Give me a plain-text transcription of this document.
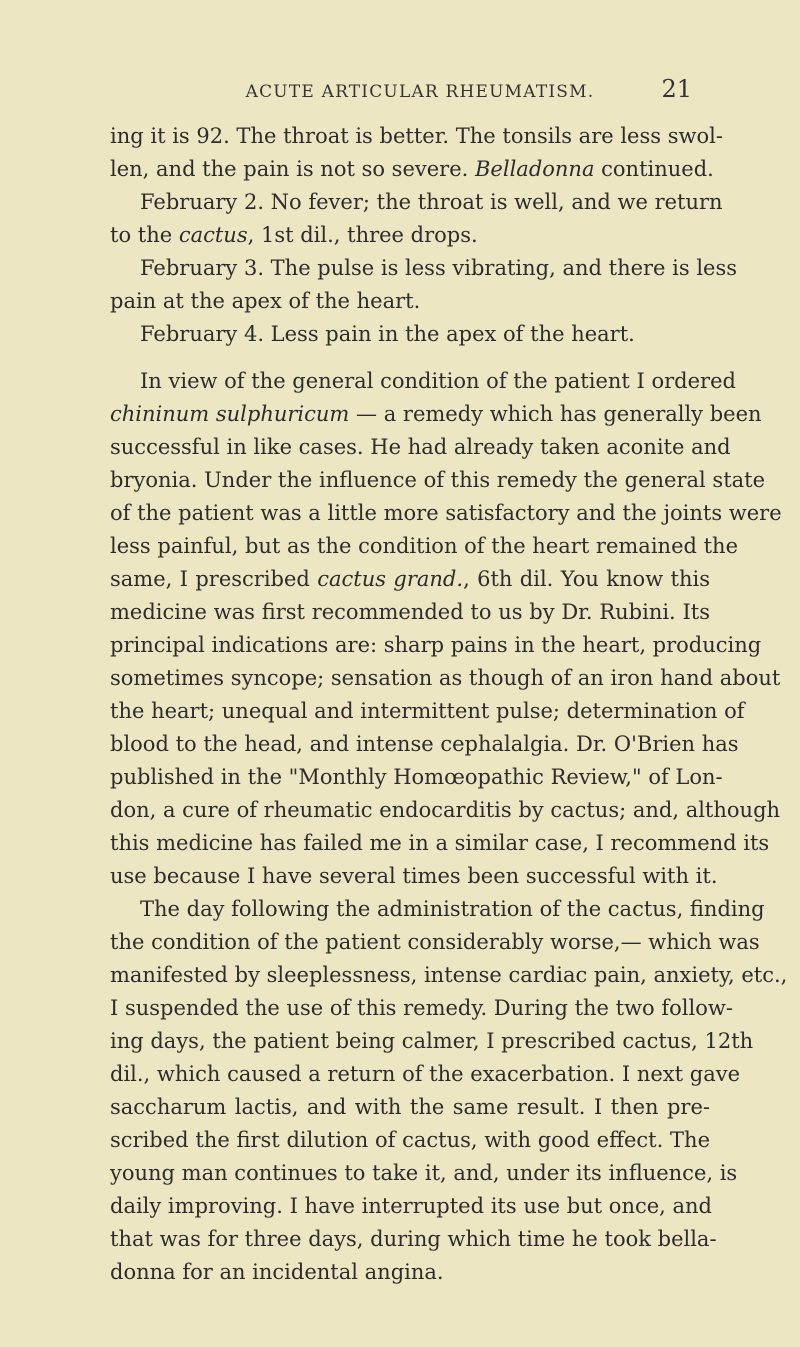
ACUTE ARTICULAR RHEUMATISM.	21
ing it is 92. The throat is better. The tonsils are less swol-
len, and the pain is not so severe. Belladonna continued.
February 2. No fever; the throat is well, and we return
to the cactus, 1st dil., three drops.
February 3. The pulse is less vibrating, and there is less
pain at the apex of the heart.
February 4. Less pain in the apex of the heart.
In view of the general condition of the patient I ordered
chininum sulphuricum — a remedy which has generally been
successful in like cases. He had already taken aconite and
bryonia. Under the influence of this remedy the general state
of the patient was a little more satisfactory and the joints were
less painful, but as the condition of the heart remained the
same, I prescribed cactus grand., 6th dil. You know this
medicine was first recommended to us by Dr. Rubini. Its
principal indications are: sharp pains in the heart, producing
sometimes syncope; sensation as though of an iron hand about
the heart; unequal and intermittent pulse; determination of
blood to the head, and intense cephalalgia. Dr. O'Brien has
published in the "Monthly Homœopathic Review," of Lon-
don, a cure of rheumatic endocarditis by cactus; and, although
this medicine has failed me in a similar case, I recommend its
use because I have several times been successful with it.
The day following the administration of the cactus, finding
the condition of the patient considerably worse,— which was
manifested by sleeplessness, intense cardiac pain, anxiety, etc.,
I suspended the use of this remedy. During the two follow-
ing days, the patient being calmer, I prescribed cactus, 12th
dil., which caused a return of the exacerbation. I next gave
saccharum lactis, and with the same result. I then pre-
scribed the first dilution of cactus, with good effect. The
young man continues to take it, and, under its influence, is
daily improving. I have interrupted its use but once, and
that was for three days, during which time he took bella-
donna for an incidental angina.
